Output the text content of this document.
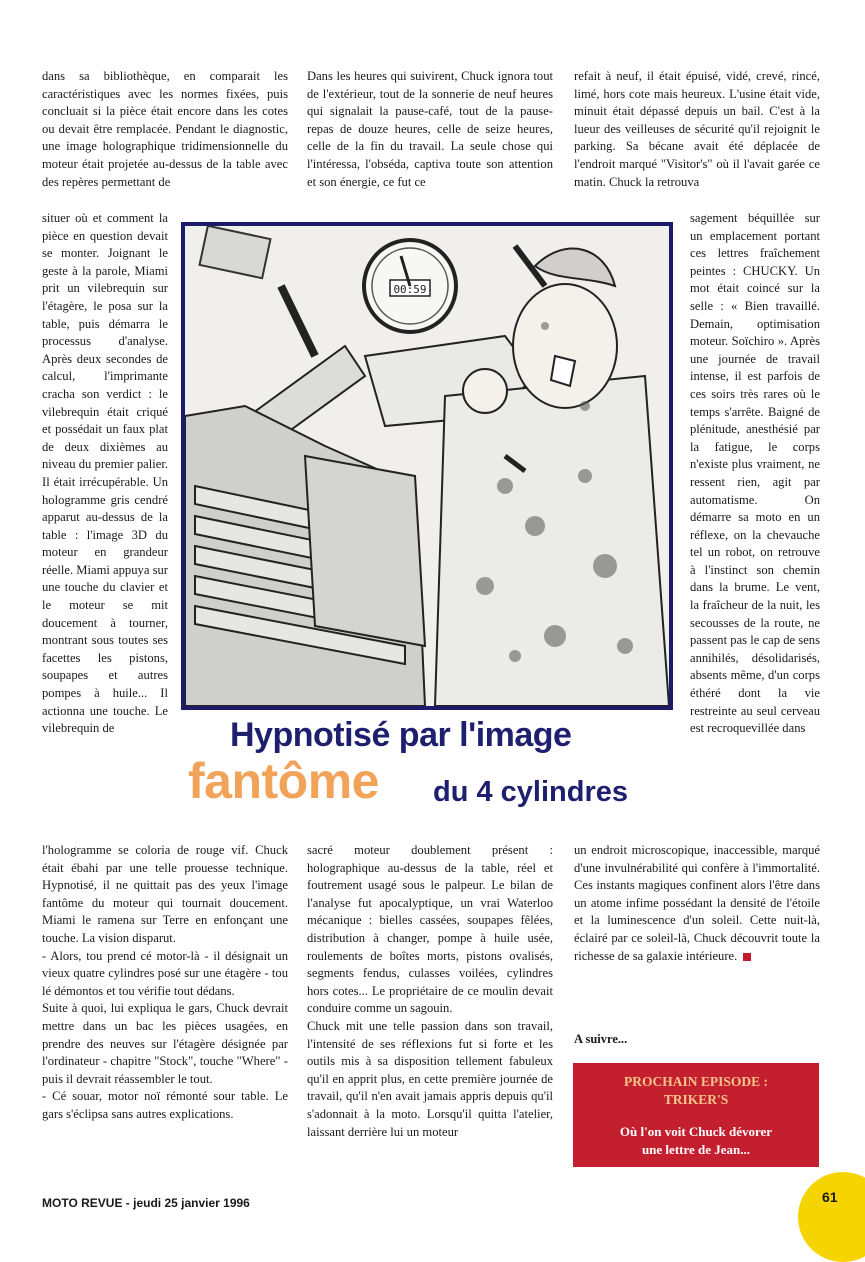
dans sa bibliothèque, en comparait les caractéristiques avec les normes fixées, puis concluait si la pièce était encore dans les cotes ou devait être remplacée. Pendant le diagnostic, une image holographique tridimensionnelle du moteur était projetée au-dessus de la table avec des repères permettant de

situer où et comment la pièce en question devait se monter. Joignant le geste à la parole, Miami prit un vilebrequin sur l'étagère, le posa sur la table, puis démarra le processus d'analyse. Après deux secondes de calcul, l'imprimante cracha son verdict : le vilebrequin était criqué et possédait un faux plat de deux dixièmes au niveau du premier palier. Il était irrécupérable. Un hologramme gris cendré apparut au-dessus de la table : l'image 3D du moteur en grandeur réelle. Miami appuya sur une touche du clavier et le moteur se mit doucement à tourner, montrant sous toutes ses facettes les pistons, soupapes et autres pompes à huile... Il actionna une touche. Le vilebrequin de

l'hologramme se coloria de rouge vif. Chuck était ébahi par une telle prouesse technique. Hypnotisé, il ne quittait pas des yeux l'image fantôme du moteur qui tournait doucement. Miami le ramena sur Terre en enfonçant une touche. La vision disparut.

- Alors, tou prend cé motor-là - il désignait un vieux quatre cylindres posé sur une étagère - tou lé démontos et tou vérifie tout dédans.

Suite à quoi, lui expliqua le gars, Chuck devrait mettre dans un bac les pièces usagées, en prendre des neuves sur l'étagère désignée par l'ordinateur - chapitre "Stock", touche "Where" - puis il devrait réassembler le tout.

- Cé souar, motor noï rémonté sour table. Le gars s'éclipsa sans autres explications.

Dans les heures qui suivirent, Chuck ignora tout de l'extérieur, tout de la sonnerie de neuf heures qui signalait la pause-café, tout de la pause-repas de douze heures, celle de seize heures, celle de la fin du travail. La seule chose qui l'intéressa, l'obséda, captiva toute son attention et son énergie, ce fut ce

sacré moteur doublement présent : holographique au-dessus de la table, réel et foutrement usagé sous le palpeur. Le bilan de l'analyse fut apocalyptique, un vrai Waterloo mécanique : bielles cassées, soupapes fêlées, distribution à changer, pompe à huile usée, roulements de boîtes morts, pistons ovalisés, segments fendus, culasses voilées, cylindres hors cotes... Le propriétaire de ce moulin devait conduire comme un sagouin.

Chuck mit une telle passion dans son travail, l'intensité de ses réflexions fut si forte et les outils mis à sa disposition tellement fabuleux qu'il en apprit plus, en cette première journée de travail, qu'il n'en avait jamais appris depuis qu'il s'adonnait à la moto. Lorsqu'il quitta l'atelier, laissant derrière lui un moteur

refait à neuf, il était épuisé, vidé, crevé, rincé, limé, hors cote mais heureux. L'usine était vide, minuit était dépassé depuis un bail. C'est à la lueur des veilleuses de sécurité qu'il rejoignit le parking. Sa bécane avait été déplacée de l'endroit marqué "Visitor's" où il l'avait garée ce matin. Chuck la retrouva

sagement béquillée sur un emplacement portant ces lettres fraîchement peintes : CHUCKY. Un mot était coincé sur la selle : « Bien travaillé. Demain, optimisation moteur. Soïchiro ». Après une journée de travail intense, il est parfois de ces soirs très rares où le temps s'arrête. Baigné de plénitude, anesthésié par la fatigue, le corps n'existe plus vraiment, ne ressent rien, agit par automatisme. On démarre sa moto en un réflexe, on la chevauche tel un robot, on retrouve à l'instinct son chemin dans la brume. Le vent, la fraîcheur de la nuit, les secousses de la route, ne passent pas le cap de sens annihilés, désolidarisés, absents même, d'un corps éthéré dont la vie restreinte au seul cerveau est recroquevillée dans

un endroit microscopique, inaccessible, marqué d'une invulnérabilité qui confère à l'immortalité. Ces instants magiques confinent alors l'être dans un atome infime possédant la densité de l'étoile et la luminescence d'un soleil. Cette nuit-là, éclairé par ce soleil-là, Chuck découvrit toute la richesse de sa galaxie intérieure.

00:59
Hypnotisé par l'image
fantôme du 4 cylindres
A suivre...
PROCHAIN EPISODE :
TRIKER'S
Où l'on voit Chuck dévorer
une lettre de Jean...
MOTO REVUE - jeudi 25 janvier 1996	61
